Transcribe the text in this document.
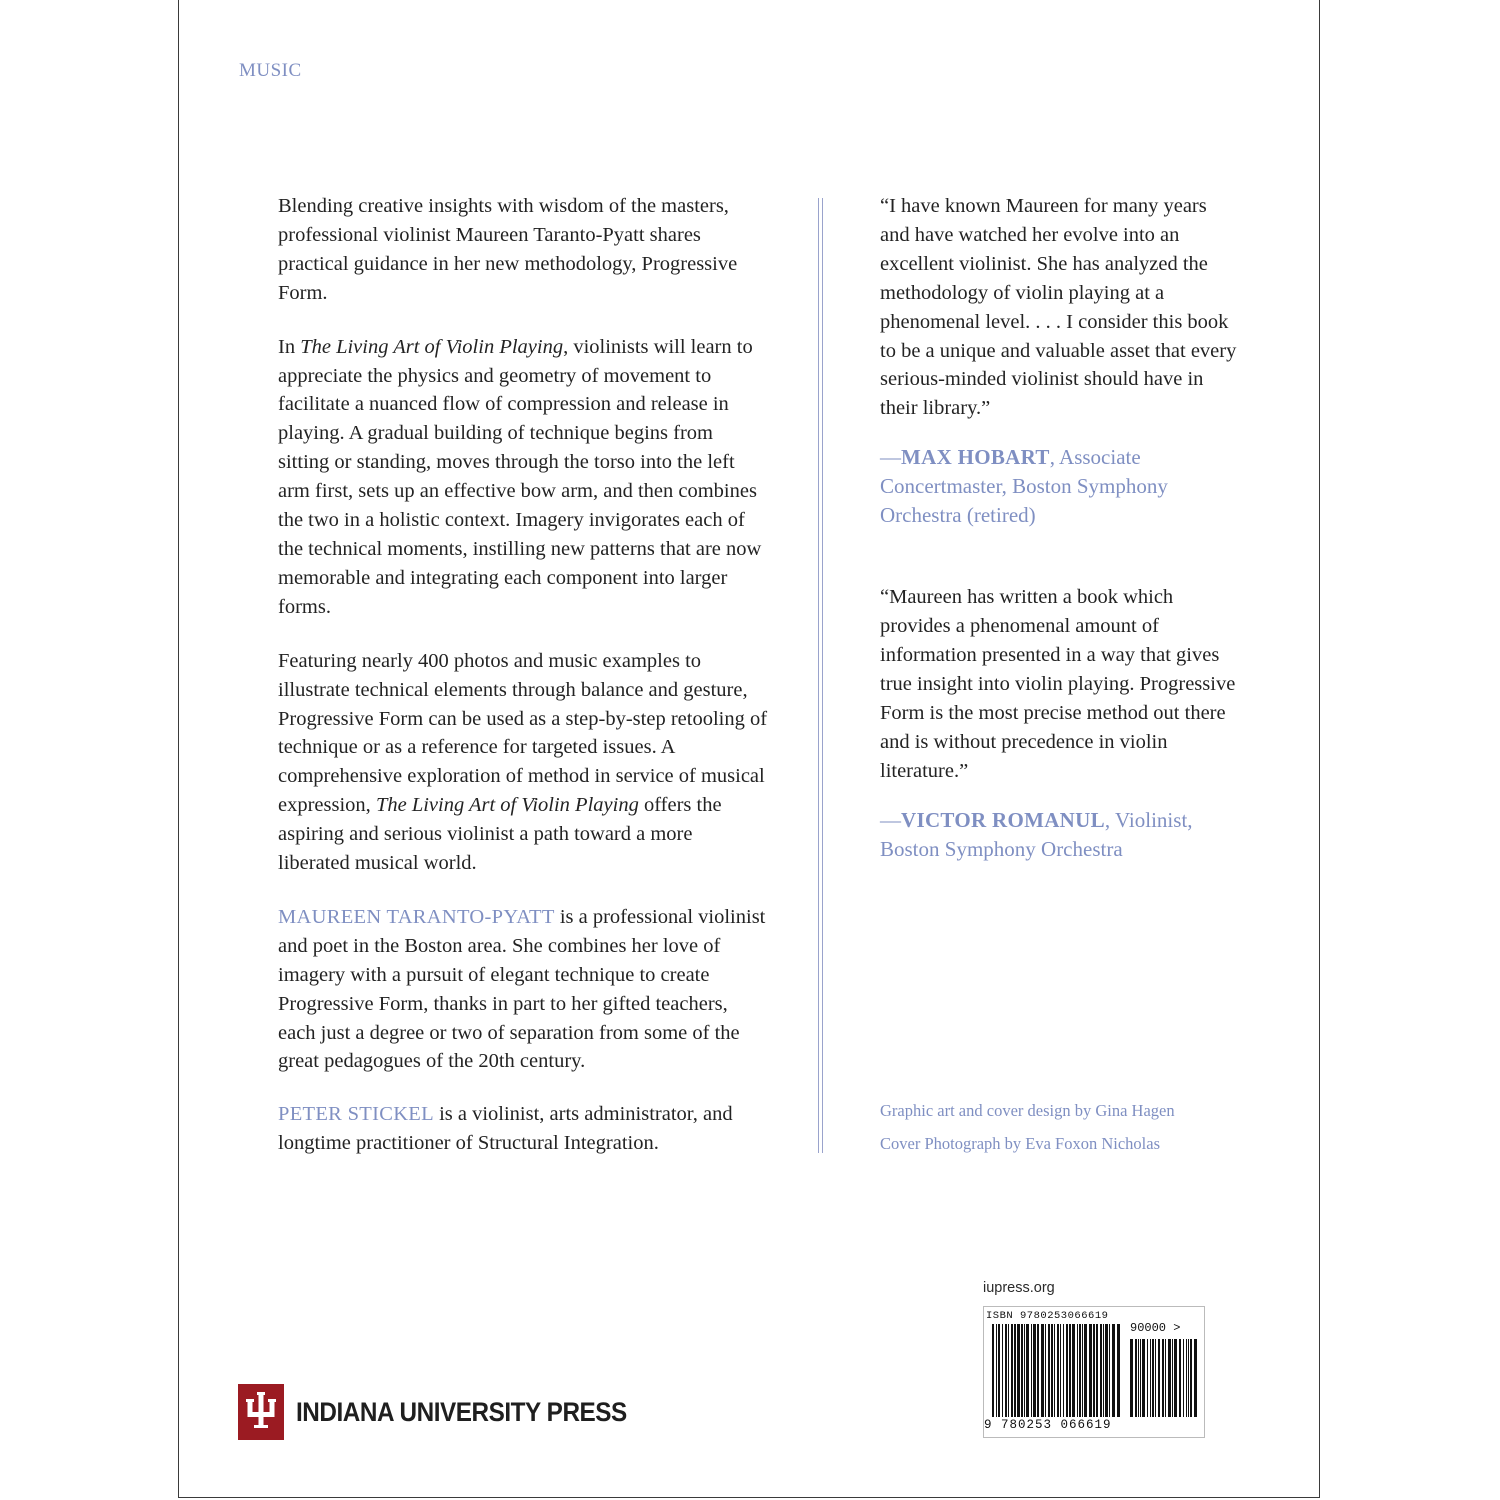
MUSIC

Blending creative insights with wisdom of the masters, professional violinist Maureen Taranto-Pyatt shares practical guidance in her new methodology, Progressive Form.

In The Living Art of Violin Playing, violinists will learn to appreciate the physics and geometry of movement to facilitate a nuanced flow of compression and release in playing. A gradual building of technique begins from sitting or standing, moves through the torso into the left arm first, sets up an effective bow arm, and then combines the two in a holistic context. Imagery invigorates each of the technical moments, instilling new patterns that are now memorable and integrating each component into larger forms.

Featuring nearly 400 photos and music examples to illustrate technical elements through balance and gesture, Progressive Form can be used as a step-by-step retooling of technique or as a reference for targeted issues. A comprehensive exploration of method in service of musical expression, The Living Art of Violin Playing offers the aspiring and serious violinist a path toward a more liberated musical world.

MAUREEN TARANTO-PYATT is a professional violinist and poet in the Boston area. She combines her love of imagery with a pursuit of elegant technique to create Progressive Form, thanks in part to her gifted teachers, each just a degree or two of separation from some of the great pedagogues of the 20th century.

PETER STICKEL is a violinist, arts administrator, and longtime practitioner of Structural Integration.

“I have known Maureen for many years and have watched her evolve into an excellent violinist. She has analyzed the methodology of violin playing at a phenomenal level. . . . I consider this book to be a unique and valuable asset that every serious-minded violinist should have in their library.”

—MAX HOBART, Associate Concertmaster, Boston Symphony Orchestra (retired)

“Maureen has written a book which provides a phenomenal amount of information presented in a way that gives true insight into violin playing. Progressive Form is the most precise method out there and is without precedence in violin literature.”

—VICTOR ROMANUL, Violinist, Boston Symphony Orchestra

Graphic art and cover design by Gina Hagen
Cover Photograph by Eva Foxon Nicholas
INDIANA UNIVERSITY PRESS
iupress.org
ISBN 9780253066619
90000 >
9 780253 066619
